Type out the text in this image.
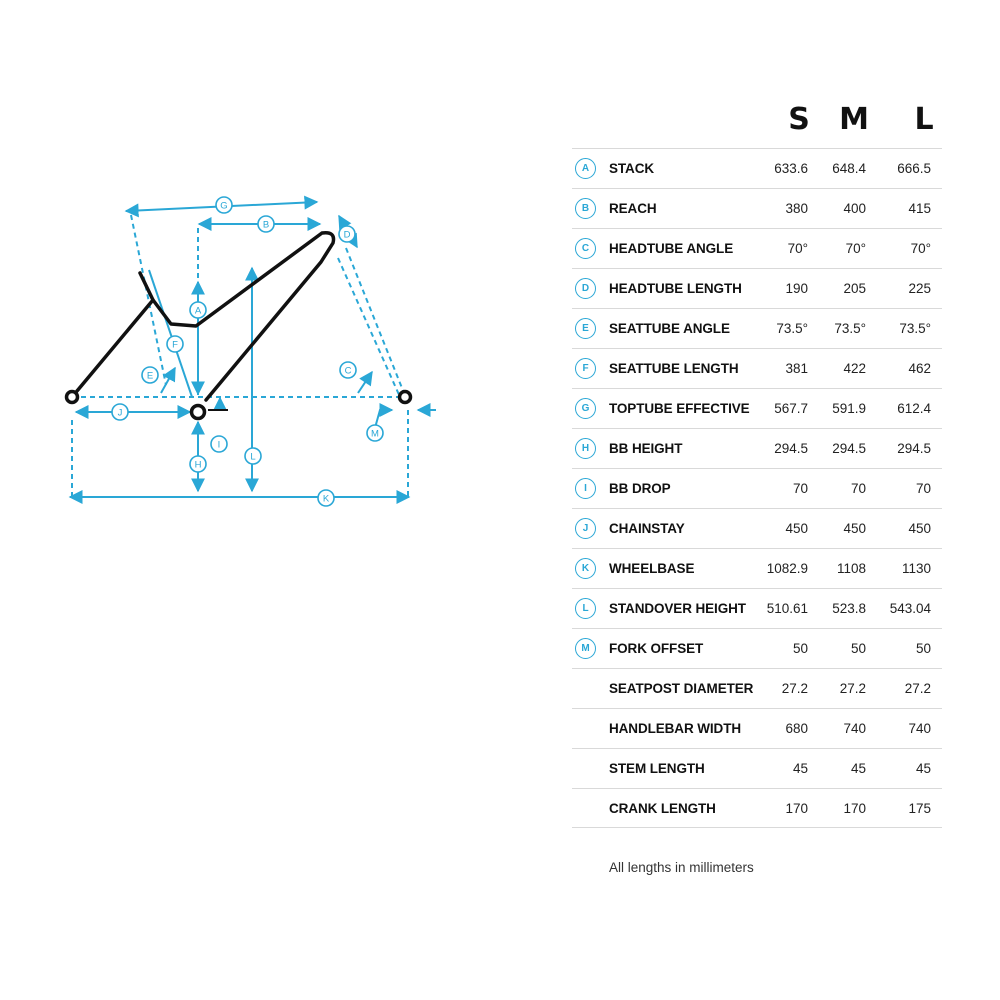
A
B
C
D
E
F
G
H
I
J
K
L
M
S M	L
A	STACK	633.6	648.4	666.5
B	REACH	380	400	415
C	HEADTUBE ANGLE	70°	70°	70°
D	HEADTUBE LENGTH	190	205	225
E	SEATTUBE ANGLE	73.5°	73.5°	73.5°
F	SEATTUBE LENGTH	381	422	462
G	TOPTUBE EFFECTIVE	567.7	591.9	612.4
H	BB HEIGHT	294.5	294.5	294.5
I	BB DROP	70	70	70
J	CHAINSTAY	450	450	450
K	WHEELBASE	1082.9	1108	1130
L	STANDOVER HEIGHT	510.61	523.8	543.04
M	FORK OFFSET	50	50	50
SEATPOST DIAMETER	27.2	27.2	27.2
HANDLEBAR WIDTH	680	740	740
STEM LENGTH	45	45	45
CRANK LENGTH	170	170	175
All lengths in millimeters
